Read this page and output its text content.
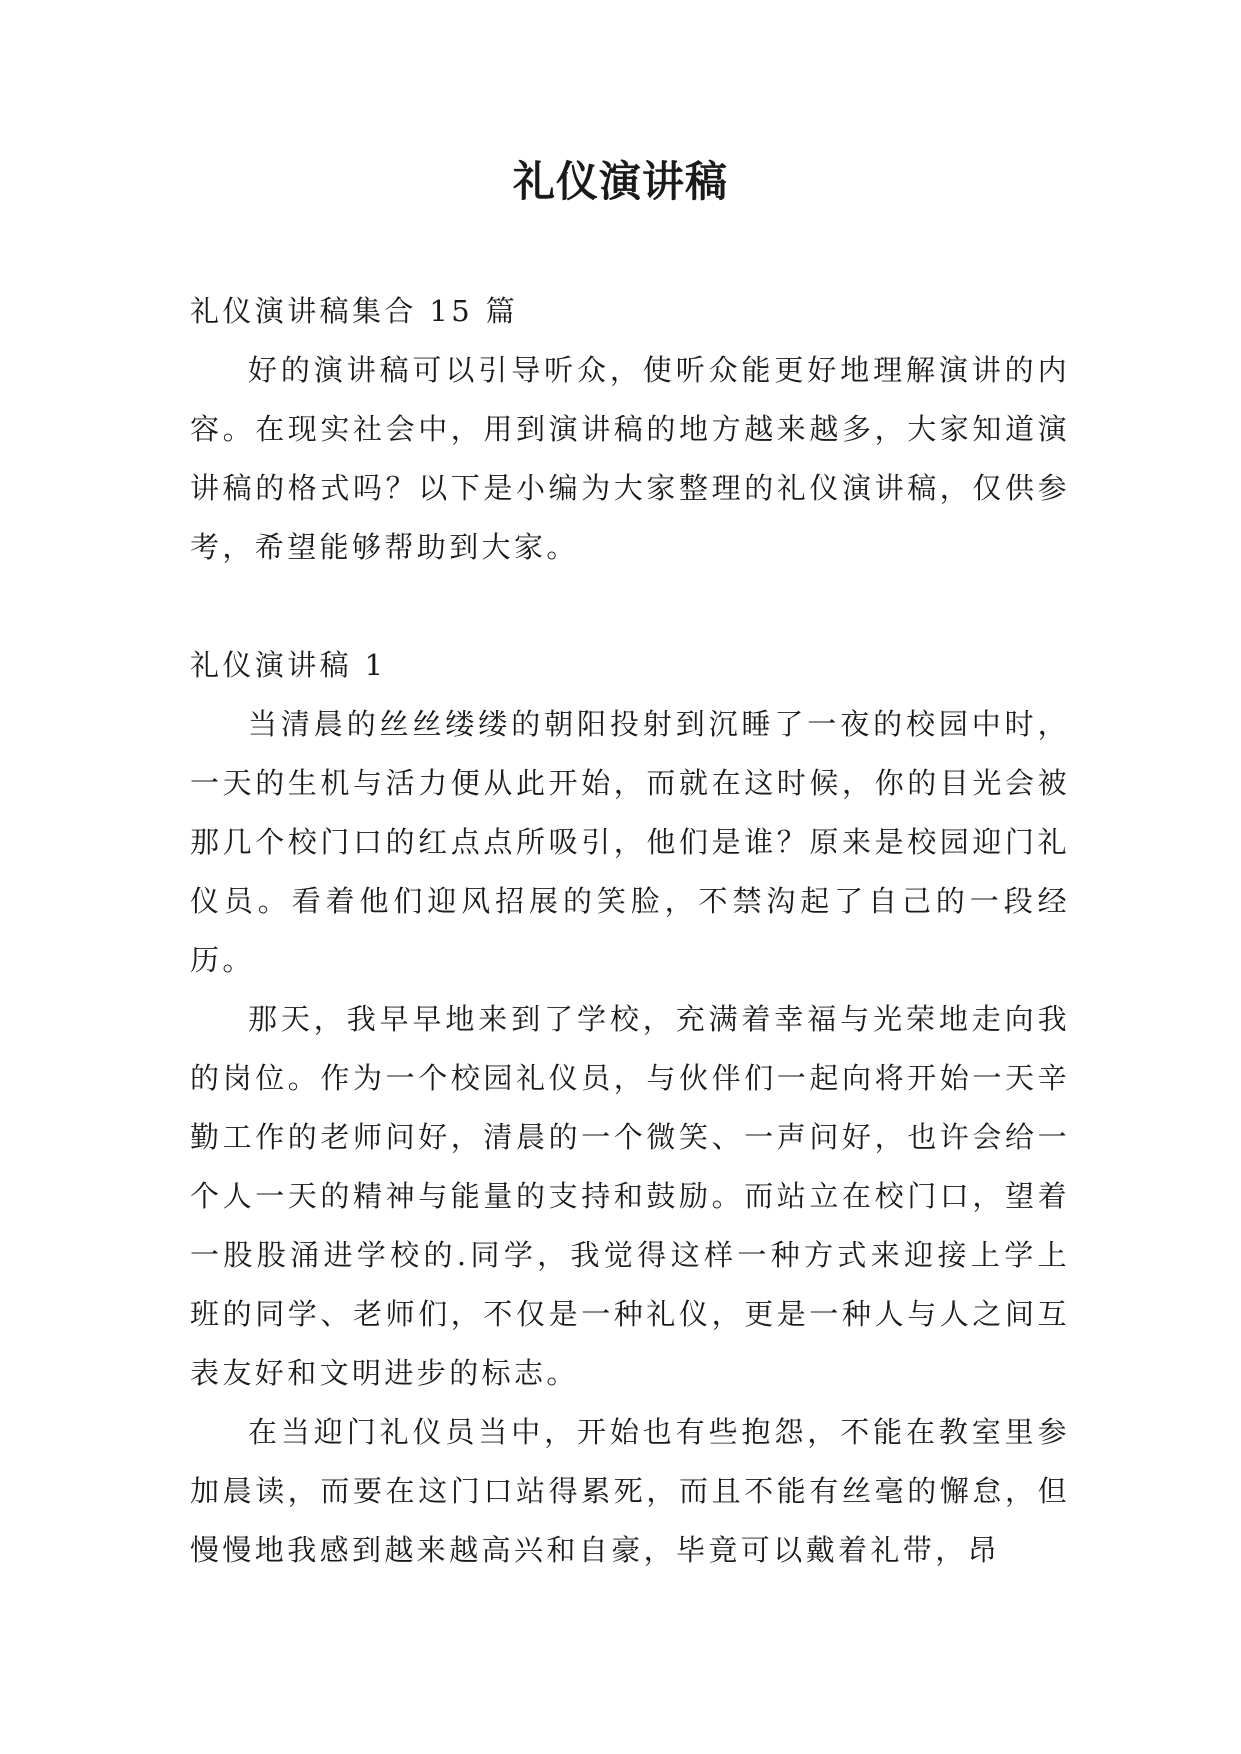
礼仪演讲稿

礼仪演讲稿集合 15 篇

好的演讲稿可以引导听众，使听众能更好地理解演讲的内容。在现实社会中，用到演讲稿的地方越来越多，大家知道演讲稿的格式吗？以下是小编为大家整理的礼仪演讲稿，仅供参考，希望能够帮助到大家。

礼仪演讲稿 1

当清晨的丝丝缕缕的朝阳投射到沉睡了一夜的校园中时，一天的生机与活力便从此开始，而就在这时候，你的目光会被那几个校门口的红点点所吸引，他们是谁？原来是校园迎门礼仪员。看着他们迎风招展的笑脸，不禁沟起了自己的一段经历。

那天，我早早地来到了学校，充满着幸福与光荣地走向我的岗位。作为一个校园礼仪员，与伙伴们一起向将开始一天辛勤工作的老师问好，清晨的一个微笑、一声问好，也许会给一个人一天的精神与能量的支持和鼓励。而站立在校门口，望着一股股涌进学校的.同学，我觉得这样一种方式来迎接上学上班的同学、老师们，不仅是一种礼仪，更是一种人与人之间互表友好和文明进步的标志。

在当迎门礼仪员当中，开始也有些抱怨，不能在教室里参加晨读，而要在这门口站得累死，而且不能有丝毫的懈怠，但慢慢地我感到越来越高兴和自豪，毕竟可以戴着礼带，昂
